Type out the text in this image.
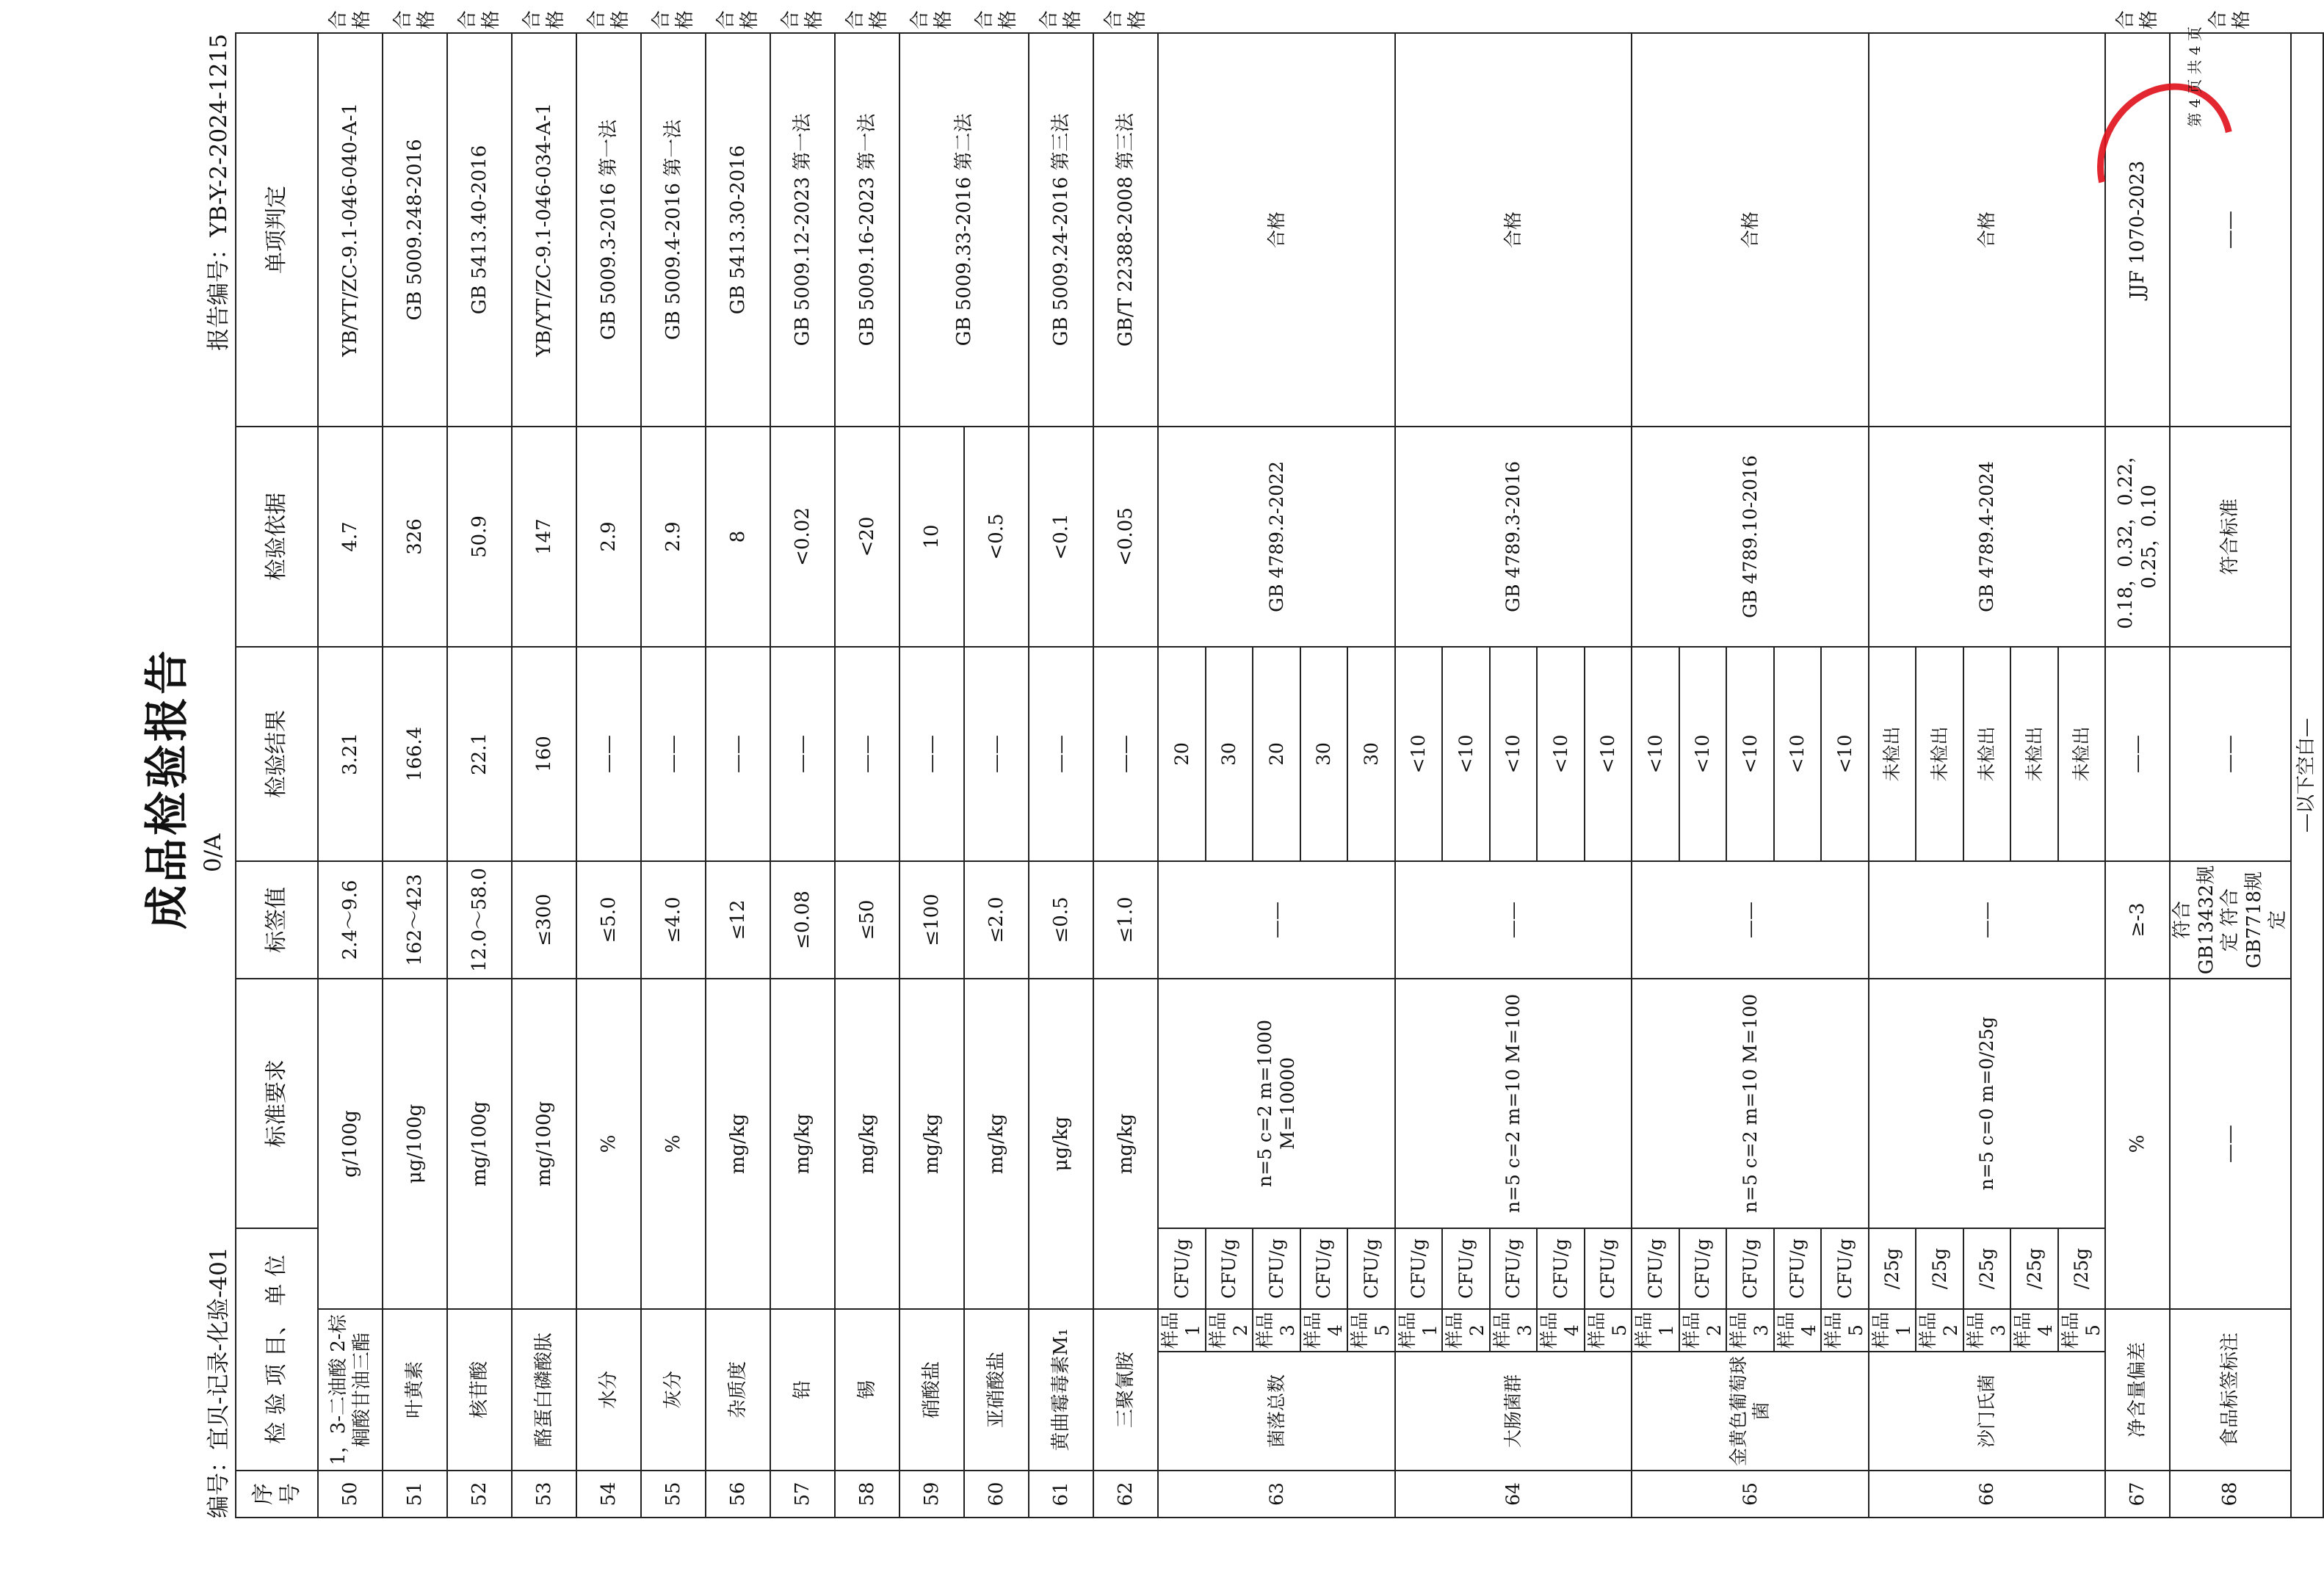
成品检验报告
编号：宜贝-记录-化验-401
0/A
报告编号：YB-Y-2-2024-1215
序号	检 验 项 目、 单 位			标准要求	标签值	检验结果	检验依据	单项判定	
50	1，3-二油酸 2-棕榈酸甘油三酯		g/100g		2.4～9.6	3.21	4.7	YB/YT/ZC-9.1-046-040-A-1	合格
51	叶黄素		μg/100g		162～423	166.4	326	GB 5009.248-2016	合格
52	核苷酸		mg/100g		12.0～58.0	22.1	50.9	GB 5413.40-2016	合格
53	酪蛋白磷酸肽		mg/100g		≤300	160	147	YB/YT/ZC-9.1-046-034-A-1	合格
54	水分		%		≤5.0	——	2.9	GB 5009.3-2016 第一法	合格
55	灰分		%		≤4.0	——	2.9	GB 5009.4-2016 第一法	合格
56	杂质度		mg/kg		≤12	——	8	GB 5413.30-2016	合格
57	铅		mg/kg		≤0.08	——	<0.02	GB 5009.12-2023 第一法	合格
58	锡		mg/kg		≤50	——	<20	GB 5009.16-2023 第一法	合格
59	硝酸盐		mg/kg		≤100	——	10	GB 5009.33-2016 第二法	合格
60	亚硝酸盐		mg/kg		≤2.0	——	<0.5		合格
61	黄曲霉毒素M₁		μg/kg		≤0.5	——	<0.1	GB 5009.24-2016 第三法	合格
62	三聚氰胺		mg/kg		≤1.0	——	<0.05	GB/T 22388-2008 第三法	合格
63	菌落总数	样品1	CFU/g	n=5 c=2 m=1000 M=10000	——	20	GB 4789.2-2022	合格	
		样品2	CFU/g			30			
		样品3	CFU/g			20			
		样品4	CFU/g			30			
		样品5	CFU/g			30			
64	大肠菌群	样品1	CFU/g	n=5 c=2 m=10 M=100	——	<10	GB 4789.3-2016	合格	
		样品2	CFU/g			<10			
		样品3	CFU/g			<10			
		样品4	CFU/g			<10			
		样品5	CFU/g			<10			
65	金黄色葡萄球菌	样品1	CFU/g	n=5 c=2 m=10 M=100	——	<10	GB 4789.10-2016	合格	
		样品2	CFU/g			<10			
		样品3	CFU/g			<10			
		样品4	CFU/g			<10			
		样品5	CFU/g			<10			
66	沙门氏菌	样品1	/25g	n=5 c=0 m=0/25g	——	未检出	GB 4789.4-2024	合格	
		样品2	/25g			未检出			
		样品3	/25g			未检出			
		样品4	/25g			未检出			
		样品5	/25g			未检出			
67	净含量偏差		%		≥-3	——	0.18，0.32，0.22，0.25，0.10	JJF 1070-2023	合格
68	食品标签标注		——		符合GB13432规定 符合GB7718规定	——	符合标准	——	合格
—以下空白—									
第 4 页 共 4 页
